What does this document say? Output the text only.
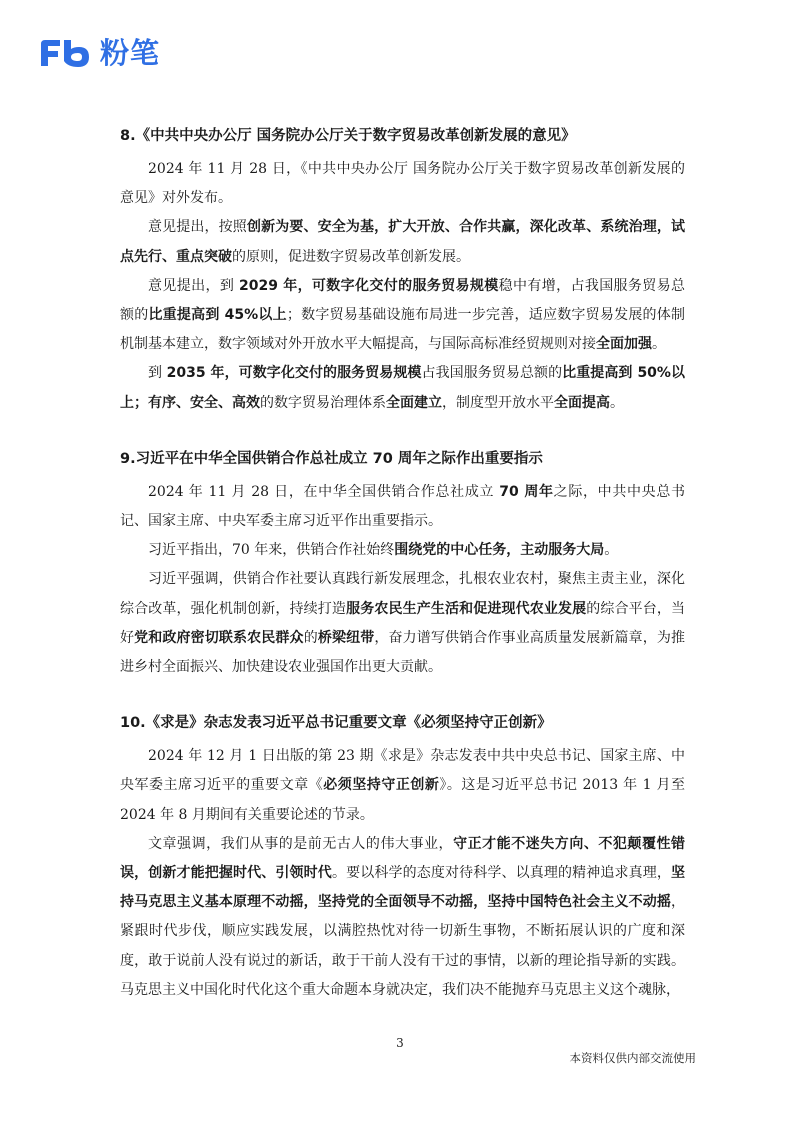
粉笔

8.《中共中央办公厅 国务院办公厅关于数字贸易改革创新发展的意见》

2024 年 11 月 28 日，《中共中央办公厅 国务院办公厅关于数字贸易改革创新发展的意见》对外发布。

意见提出，按照创新为要、安全为基，扩大开放、合作共赢，深化改革、系统治理，试点先行、重点突破的原则，促进数字贸易改革创新发展。

意见提出，到 2029 年，可数字化交付的服务贸易规模稳中有增，占我国服务贸易总额的比重提高到 45%以上；数字贸易基础设施布局进一步完善，适应数字贸易发展的体制机制基本建立，数字领域对外开放水平大幅提高，与国际高标准经贸规则对接全面加强。

到 2035 年，可数字化交付的服务贸易规模占我国服务贸易总额的比重提高到 50%以上；有序、安全、高效的数字贸易治理体系全面建立，制度型开放水平全面提高。

9.习近平在中华全国供销合作总社成立 70 周年之际作出重要指示

2024 年 11 月 28 日，在中华全国供销合作总社成立 70 周年之际，中共中央总书记、国家主席、中央军委主席习近平作出重要指示。

习近平指出，70 年来，供销合作社始终围绕党的中心任务，主动服务大局。

习近平强调，供销合作社要认真践行新发展理念，扎根农业农村，聚焦主责主业，深化综合改革，强化机制创新，持续打造服务农民生产生活和促进现代农业发展的综合平台，当好党和政府密切联系农民群众的桥梁纽带，奋力谱写供销合作事业高质量发展新篇章，为推进乡村全面振兴、加快建设农业强国作出更大贡献。

10.《求是》杂志发表习近平总书记重要文章《必须坚持守正创新》

2024 年 12 月 1 日出版的第 23 期《求是》杂志发表中共中央总书记、国家主席、中央军委主席习近平的重要文章《必须坚持守正创新》。这是习近平总书记 2013 年 1 月至 2024 年 8 月期间有关重要论述的节录。

文章强调，我们从事的是前无古人的伟大事业，守正才能不迷失方向、不犯颠覆性错误，创新才能把握时代、引领时代。要以科学的态度对待科学、以真理的精神追求真理，坚持马克思主义基本原理不动摇，坚持党的全面领导不动摇，坚持中国特色社会主义不动摇，紧跟时代步伐，顺应实践发展，以满腔热忱对待一切新生事物，不断拓展认识的广度和深度，敢于说前人没有说过的新话，敢于干前人没有干过的事情，以新的理论指导新的实践。马克思主义中国化时代化这个重大命题本身就决定，我们决不能抛弃马克思主义这个魂脉，

3
本资料仅供内部交流使用
